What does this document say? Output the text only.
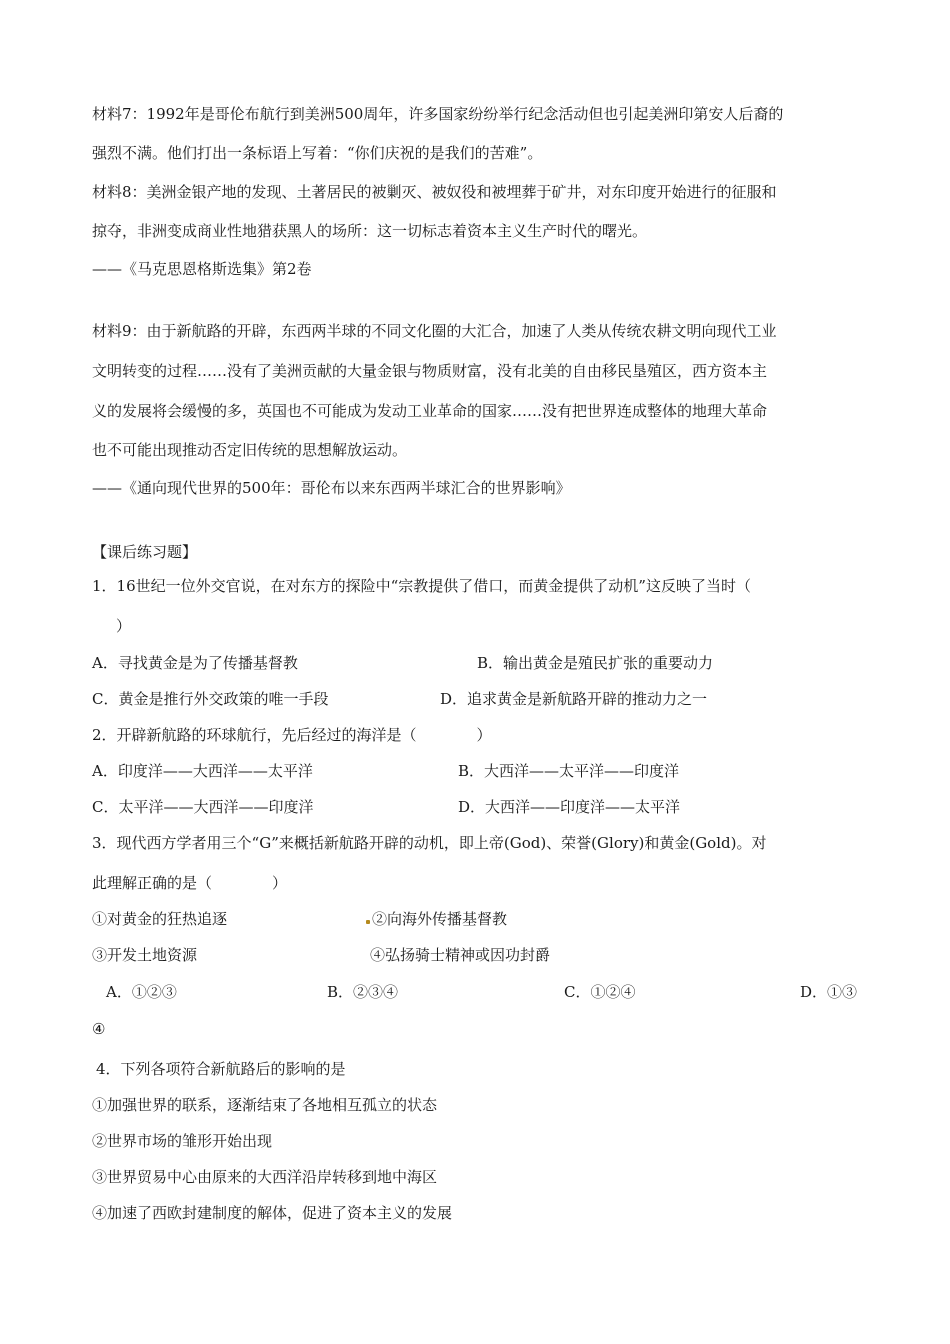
材料7：1992年是哥伦布航行到美洲500周年，许多国家纷纷举行纪念活动但也引起美洲印第安人后裔的
强烈不满。他们打出一条标语上写着：“你们庆祝的是我们的苦难”。
材料8：美洲金银产地的发现、土著居民的被剿灭、被奴役和被埋葬于矿井，对东印度开始进行的征服和
掠夺，非洲变成商业性地猎获黑人的场所：这一切标志着资本主义生产时代的曙光。
——《马克思恩格斯选集》第2卷
材料9：由于新航路的开辟，东西两半球的不同文化圈的大汇合，加速了人类从传统农耕文明向现代工业
文明转变的过程……没有了美洲贡献的大量金银与物质财富，没有北美的自由移民垦殖区，西方资本主
义的发展将会缓慢的多，英国也不可能成为发动工业革命的国家……没有把世界连成整体的地理大革命
也不可能出现推动否定旧传统的思想解放运动。
——《通向现代世界的500年：哥伦布以来东西两半球汇合的世界影响》
【课后练习题】
1．16世纪一位外交官说，在对东方的探险中“宗教提供了借口，而黄金提供了动机”这反映了当时（
）
A．寻找黄金是为了传播基督教	B．输出黄金是殖民扩张的重要动力
C．黄金是推行外交政策的唯一手段	D．追求黄金是新航路开辟的推动力之一
2．开辟新航路的环球航行，先后经过的海洋是（　　　　）
A．印度洋——大西洋——太平洋	B．大西洋——太平洋——印度洋
C．太平洋——大西洋——印度洋	D．大西洋——印度洋——太平洋
3．现代西方学者用三个“G”来概括新航路开辟的动机，即上帝(God)、荣誉(Glory)和黄金(Gold)。对
此理解正确的是（　　　　）
①对黄金的狂热追逐	②向海外传播基督教
③开发土地资源	④弘扬骑士精神或因功封爵
A．①②③	B．②③④	C．①②④	D．①③
④
4．下列各项符合新航路后的影响的是
①加强世界的联系，逐渐结束了各地相互孤立的状态
②世界市场的雏形开始出现
③世界贸易中心由原来的大西洋沿岸转移到地中海区
④加速了西欧封建制度的解体，促进了资本主义的发展
